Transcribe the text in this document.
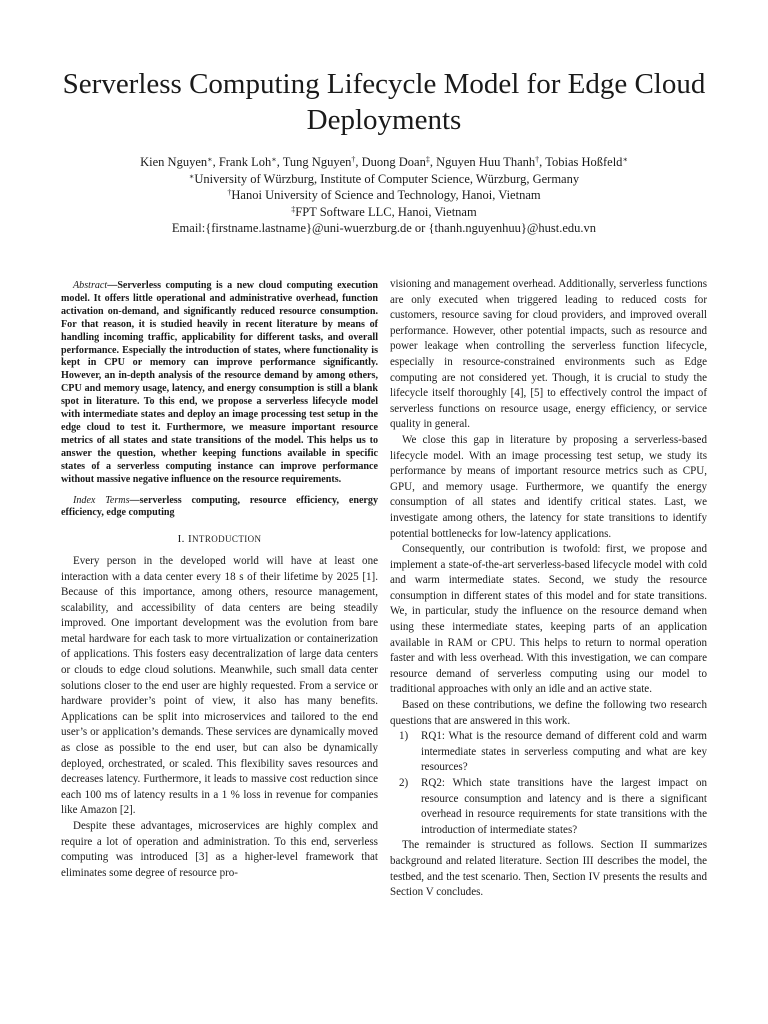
Serverless Computing Lifecycle Model for Edge Cloud Deployments
Kien Nguyen∗, Frank Loh∗, Tung Nguyen†, Duong Doan‡, Nguyen Huu Thanh†, Tobias Hoßfeld∗
∗University of Würzburg, Institute of Computer Science, Würzburg, Germany
†Hanoi University of Science and Technology, Hanoi, Vietnam
‡FPT Software LLC, Hanoi, Vietnam
Email:{firstname.lastname}@uni-wuerzburg.de or {thanh.nguyenhuu}@hust.edu.vn

Abstract—Serverless computing is a new cloud computing execution model. It offers little operational and administrative overhead, function activation on-demand, and significantly reduced resource consumption. For that reason, it is studied heavily in recent literature by means of handling incoming traffic, applicability for different tasks, and overall performance. Especially the introduction of states, where functionality is kept in CPU or memory can improve performance significantly. However, an in-depth analysis of the resource demand by among others, CPU and memory usage, latency, and energy consumption is still a blank spot in literature. To this end, we propose a serverless lifecycle model with intermediate states and deploy an image processing test setup in the edge cloud to test it. Furthermore, we measure important resource metrics of all states and state transitions of the model. This helps us to answer the question, whether keeping functions available in specific states of a serverless computing instance can improve performance without massive negative influence on the resource requirements.

Index Terms—serverless computing, resource efficiency, energy efficiency, edge computing

I. INTRODUCTION

Every person in the developed world will have at least one interaction with a data center every 18 s of their lifetime by 2025 [1]. Because of this importance, among others, resource management, scalability, and accessibility of data centers are being steadily improved. One important development was the evolution from bare metal hardware for each task to more virtualization or containerization of applications. This fosters easy decentralization of large data centers or clouds to edge cloud solutions. Meanwhile, such small data center solutions closer to the end user are highly requested. From a service or hardware provider’s point of view, it also has many benefits. Applications can be split into microservices and tailored to the end user’s or application’s demands. These services are dynamically moved as close as possible to the end user, but can also be dynamically deployed, orchestrated, or scaled. This flexibility saves resources and decreases latency. Furthermore, it leads to massive cost reduction since each 100 ms of latency results in a 1 % loss in revenue for companies like Amazon [2].

Despite these advantages, microservices are highly complex and require a lot of operation and administration. To this end, serverless computing was introduced [3] as a higher-level framework that eliminates some degree of resource pro-

visioning and management overhead. Additionally, serverless functions are only executed when triggered leading to reduced costs for customers, resource saving for cloud providers, and improved overall performance. However, other potential impacts, such as resource and power leakage when controlling the serverless function lifecycle, especially in resource-constrained environments such as Edge computing are not considered yet. Though, it is crucial to study the lifecycle itself thoroughly [4], [5] to effectively control the impact of serverless functions on resource usage, energy efficiency, or service quality in general.

We close this gap in literature by proposing a serverless-based lifecycle model. With an image processing test setup, we study its performance by means of important resource metrics such as CPU, GPU, and memory usage. Furthermore, we quantify the energy consumption of all states and identify critical states. Last, we investigate among others, the latency for state transitions to identify potential bottlenecks for low-latency applications.

Consequently, our contribution is twofold: first, we propose and implement a state-of-the-art serverless-based lifecycle model with cold and warm intermediate states. Second, we study the resource consumption in different states of this model and for state transitions. We, in particular, study the influence on the resource demand when using these intermediate states, keeping parts of an application available in RAM or CPU. This helps to return to normal operation faster and with less overhead. With this investigation, we can compare resource demand of serverless computing using our model to traditional approaches with only an idle and an active state.

Based on these contributions, we define the following two research questions that are answered in this work.

1) RQ1: What is the resource demand of different cold and warm intermediate states in serverless computing and what are key resources?
2) RQ2: Which state transitions have the largest impact on resource consumption and latency and is there a significant overhead in resource requirements for state transitions with the introduction of intermediate states?

The remainder is structured as follows. Section II summarizes background and related literature. Section III describes the model, the testbed, and the test scenario. Then, Section IV presents the results and Section V concludes.
